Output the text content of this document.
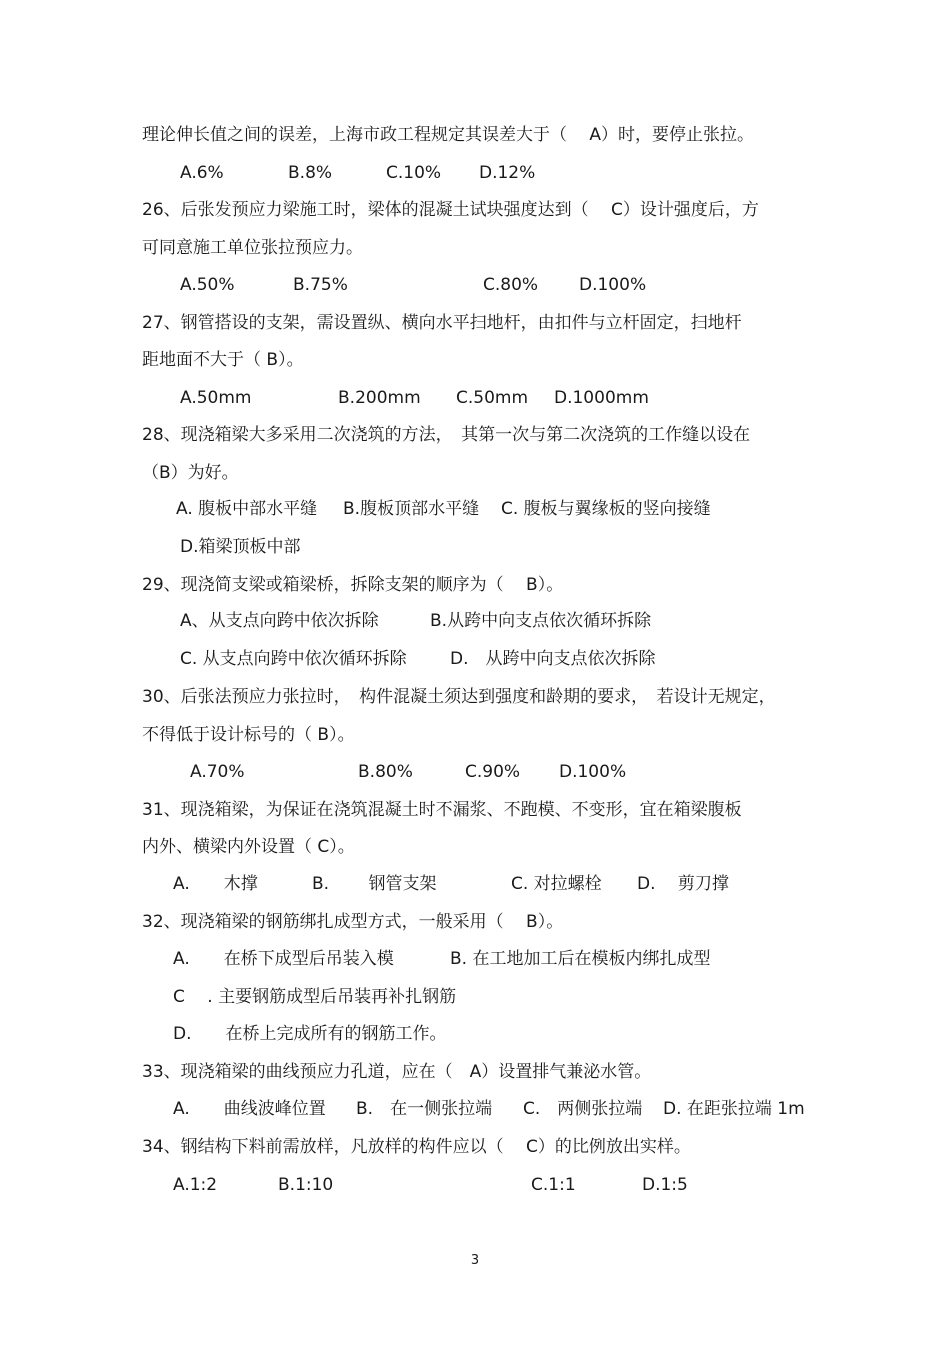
理论伸长值之间的误差，上海市政工程规定其误差大于（　 A）时，要停止张拉。

A.6%

	B.8%

	C.10%

D.12%

26、后张发预应力梁施工时，梁体的混凝土试块强度达到（　 C）设计强度后，方
可同意施工单位张拉预应力。

A.50%

	B.75%

	C.80%

D.100%

27、钢管搭设的支架，需设置纵、横向水平扫地杆，由扣件与立杆固定，扫地杆
距地面不大于（ B）。

A.50mm

	B.200mm

C.50mm

D.1000mm

28、现浇箱梁大多采用二次浇筑的方法，　其第一次与第二次浇筑的工作缝以设在
（B）为好。

A. 腹板中部水平缝

B.腹板顶部水平缝

C. 腹板与翼缘板的竖向接缝

D.箱梁顶板中部
29、现浇简支梁或箱梁桥，拆除支架的顺序为（　 B）。

A、从支点向跨中依次拆除

	B.从跨中向支点依次循环拆除

C. 从支点向跨中依次循环拆除

	D.　从跨中向支点依次拆除

30、后张法预应力张拉时，　构件混凝土须达到强度和龄期的要求，　若设计无规定，
不得低于设计标号的（ B）。

A.70%

	B.80%

	C.90%

D.100%

31、现浇箱梁，为保证在浇筑混凝土时不漏浆、不跑模、不变形，宜在箱梁腹板
内外、横梁内外设置（ C）。

A.　　木撑

	B.　　 钢管支架

	C. 对拉螺栓

D.　 剪刀撑

32、现浇箱梁的钢筋绑扎成型方式，一般采用（　 B）。

A.　　在桥下成型后吊装入模

	B. 在工地加工后在模板内绑扎成型

C　 . 主要钢筋成型后吊装再补扎钢筋
D.　　在桥上完成所有的钢筋工作。
33、现浇箱梁的曲线预应力孔道，应在（　A）设置排气兼泌水管。

A.　　曲线波峰位置

B.　在一侧张拉端

C.　两侧张拉端

D. 在距张拉端 1m

34、钢结构下料前需放样，凡放样的构件应以（　 C）的比例放出实样。

A.1:2

	B.1:10

	C.1:1

	D.1:5

3
